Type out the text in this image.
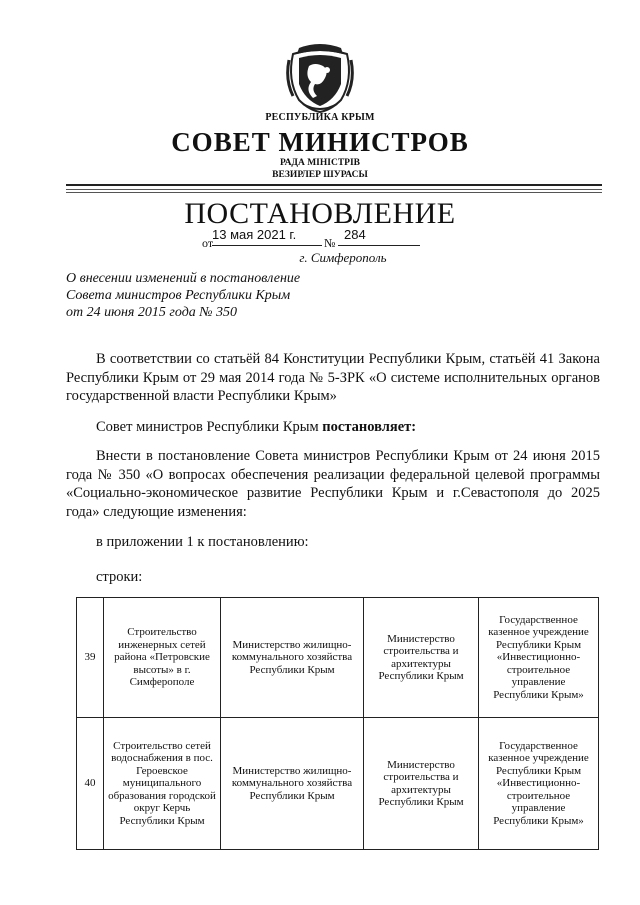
РЕСПУБЛИКА КРЫМ
СОВЕТ МИНИСТРОВ
РАДА МІНІСТРІВ
ВЕЗИРЛЕР ШУРАСЫ
ПОСТАНОВЛЕНИЕ
от
13 мая 2021 г.
№
284
г. Симферополь
О внесении изменений в постановление
Совета министров Республики Крым
от 24 июня 2015 года № 350
В соответствии со статьёй 84 Конституции Республики Крым, статьёй 41 Закона Республики Крым от 29 мая 2014 года № 5-ЗРК «О системе исполнительных органов государственной власти Республики Крым»
Совет министров Республики Крым постановляет:
Внести в постановление Совета министров Республики Крым от 24 июня 2015 года № 350 «О вопросах обеспечения реализации федеральной целевой программы «Социально-экономическое развитие Республики Крым и г.Севастополя до 2025 года» следующие изменения:
в приложении 1 к постановлению:
строки:
39	Строительство инженерных сетей района «Петровские высоты» в г. Симферополе	Министерство жилищно-коммунального хозяйства Республики Крым	Министерство строительства и архитектуры Республики Крым	Государственное казенное учреждение Республики Крым «Инвестиционно-строительное управление Республики Крым»
40	Строительство сетей водоснабжения в пос. Героевское муниципального образования городской округ Керчь Республики Крым	Министерство жилищно-коммунального хозяйства Республики Крым	Министерство строительства и архитектуры Республики Крым	Государственное казенное учреждение Республики Крым «Инвестиционно-строительное управление Республики Крым»
